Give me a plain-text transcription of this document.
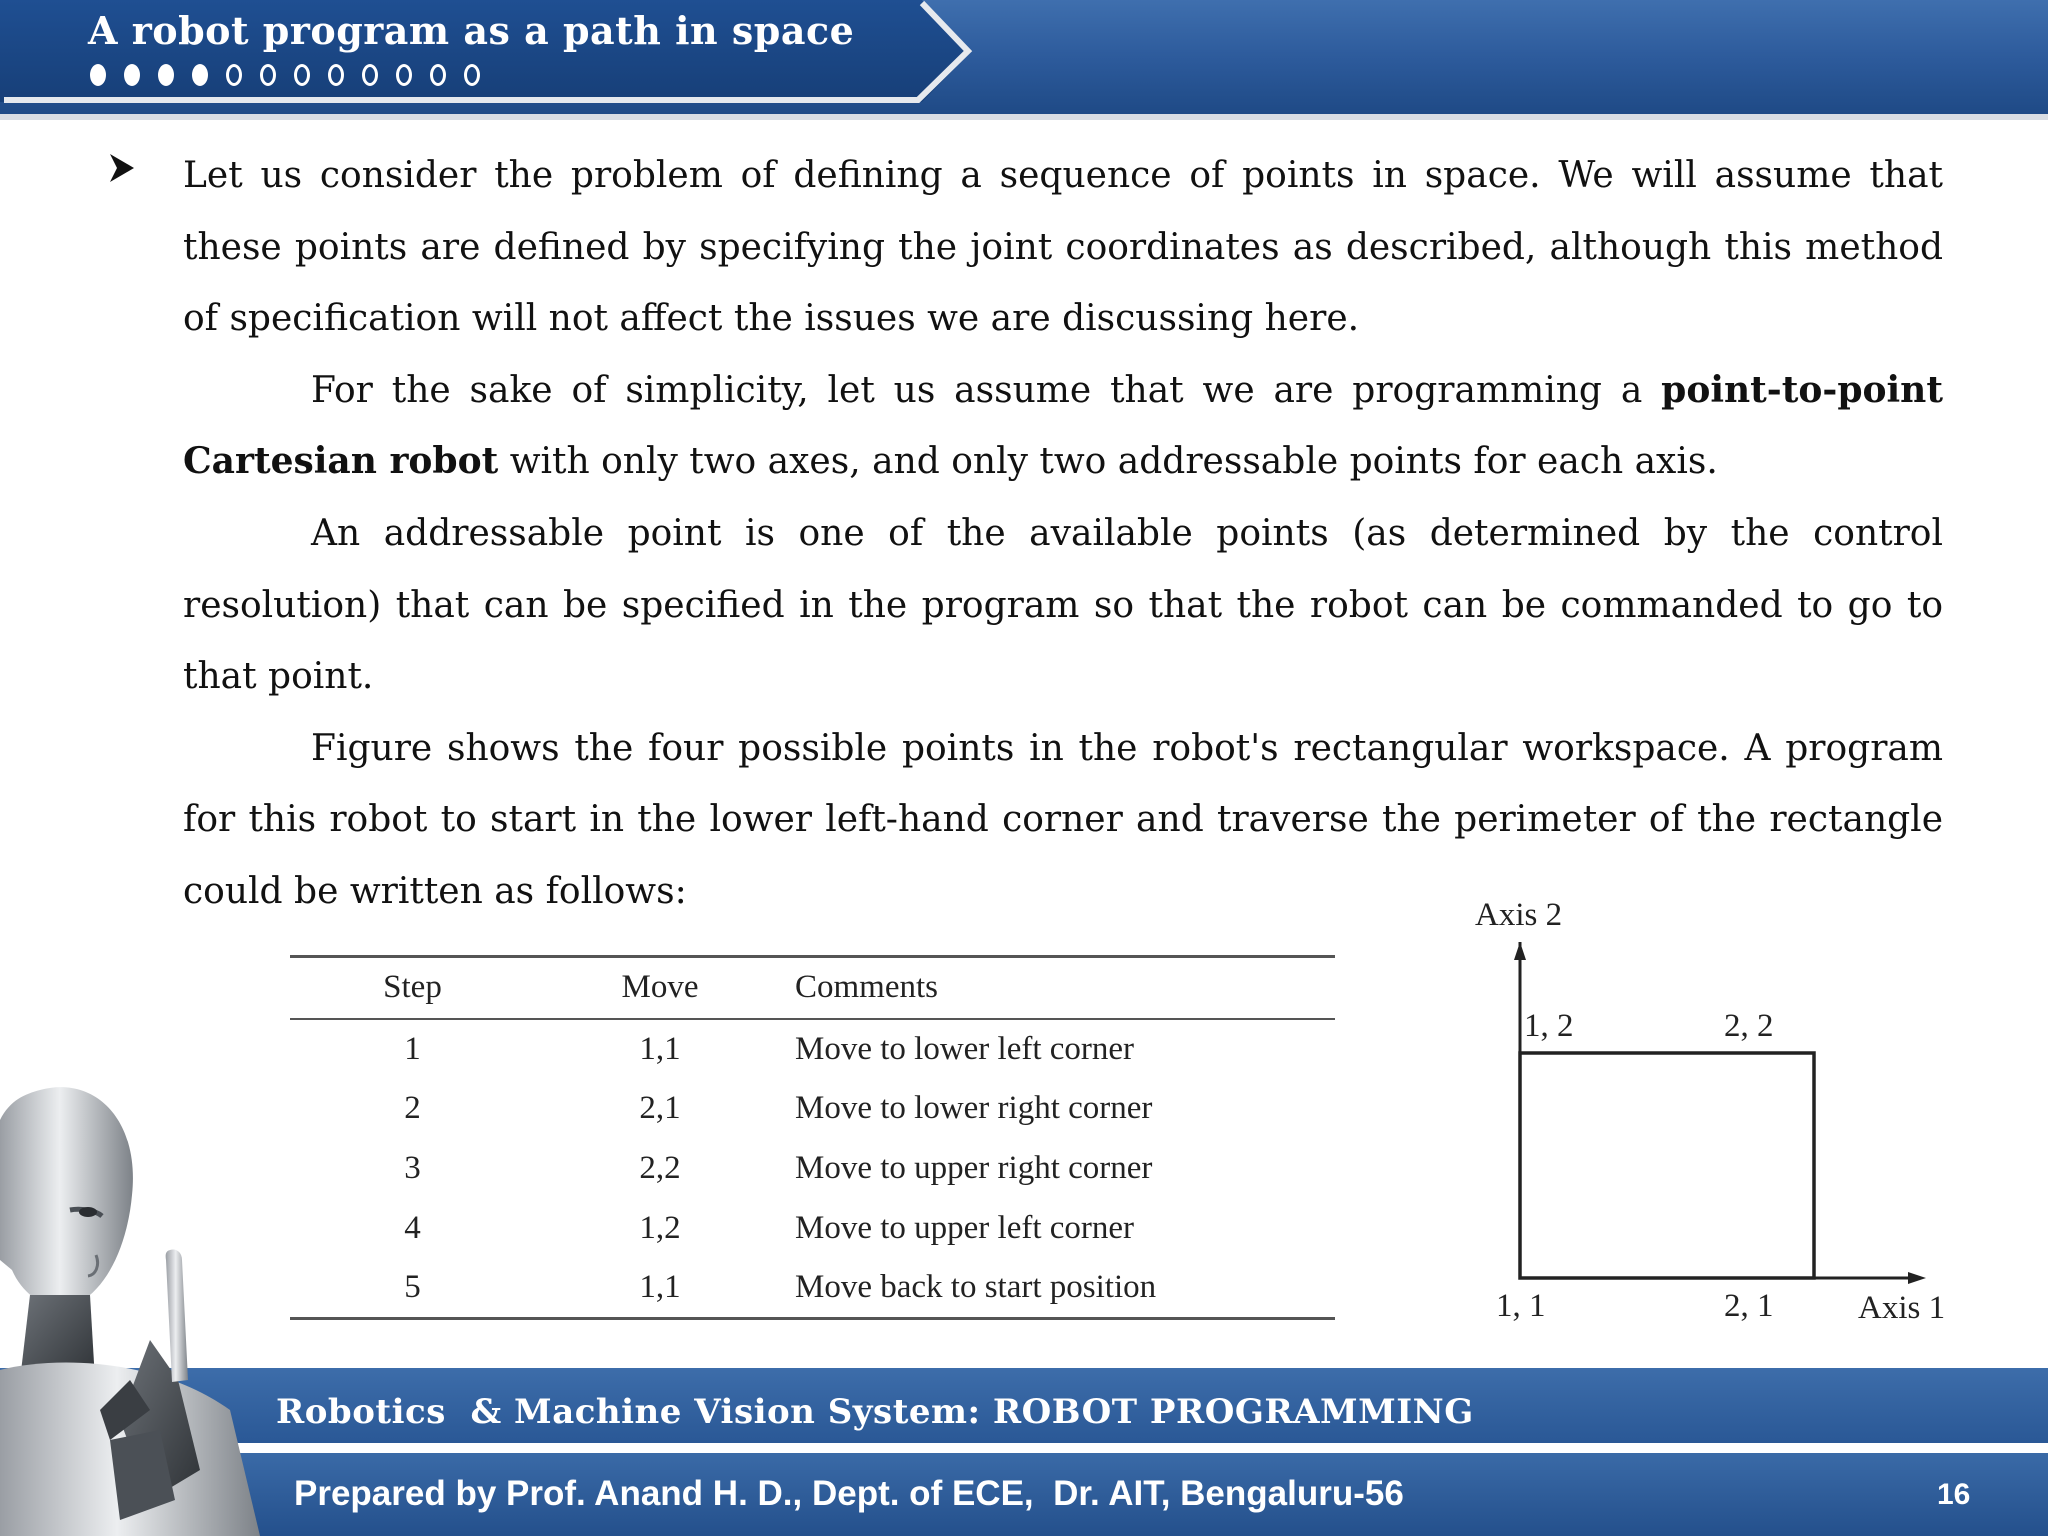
A robot program as a path in space

Let us consider the problem of defining a sequence of points in space. We will assume that these points are defined by specifying the joint coordinates as described, although this method of specification will not affect the issues we are discussing here.

For the sake of simplicity, let us assume that we are programming a point-to-point Cartesian robot with only two axes, and only two addressable points for each axis.

An addressable point is one of the available points (as determined by the control resolution) that can be specified in the program so that the robot can be commanded to go to that point.

Figure shows the four possible points in the robot's rectangular workspace. A program for this robot to start in the lower left-hand corner and traverse the perimeter of the rectangle could be written as follows:

Step	Move	Comments
1	1,1	Move to lower left corner
2	2,1	Move to lower right corner
3	2,2	Move to upper right corner
4	1,2	Move to upper left corner
5	1,1	Move back to start position
Axis 2
Axis 1
1, 2	2, 2
1, 1	2, 1
Robotics  & Machine Vision System: ROBOT PROGRAMMING
Prepared by Prof. Anand H. D., Dept. of ECE,  Dr. AIT, Bengaluru-56	16
